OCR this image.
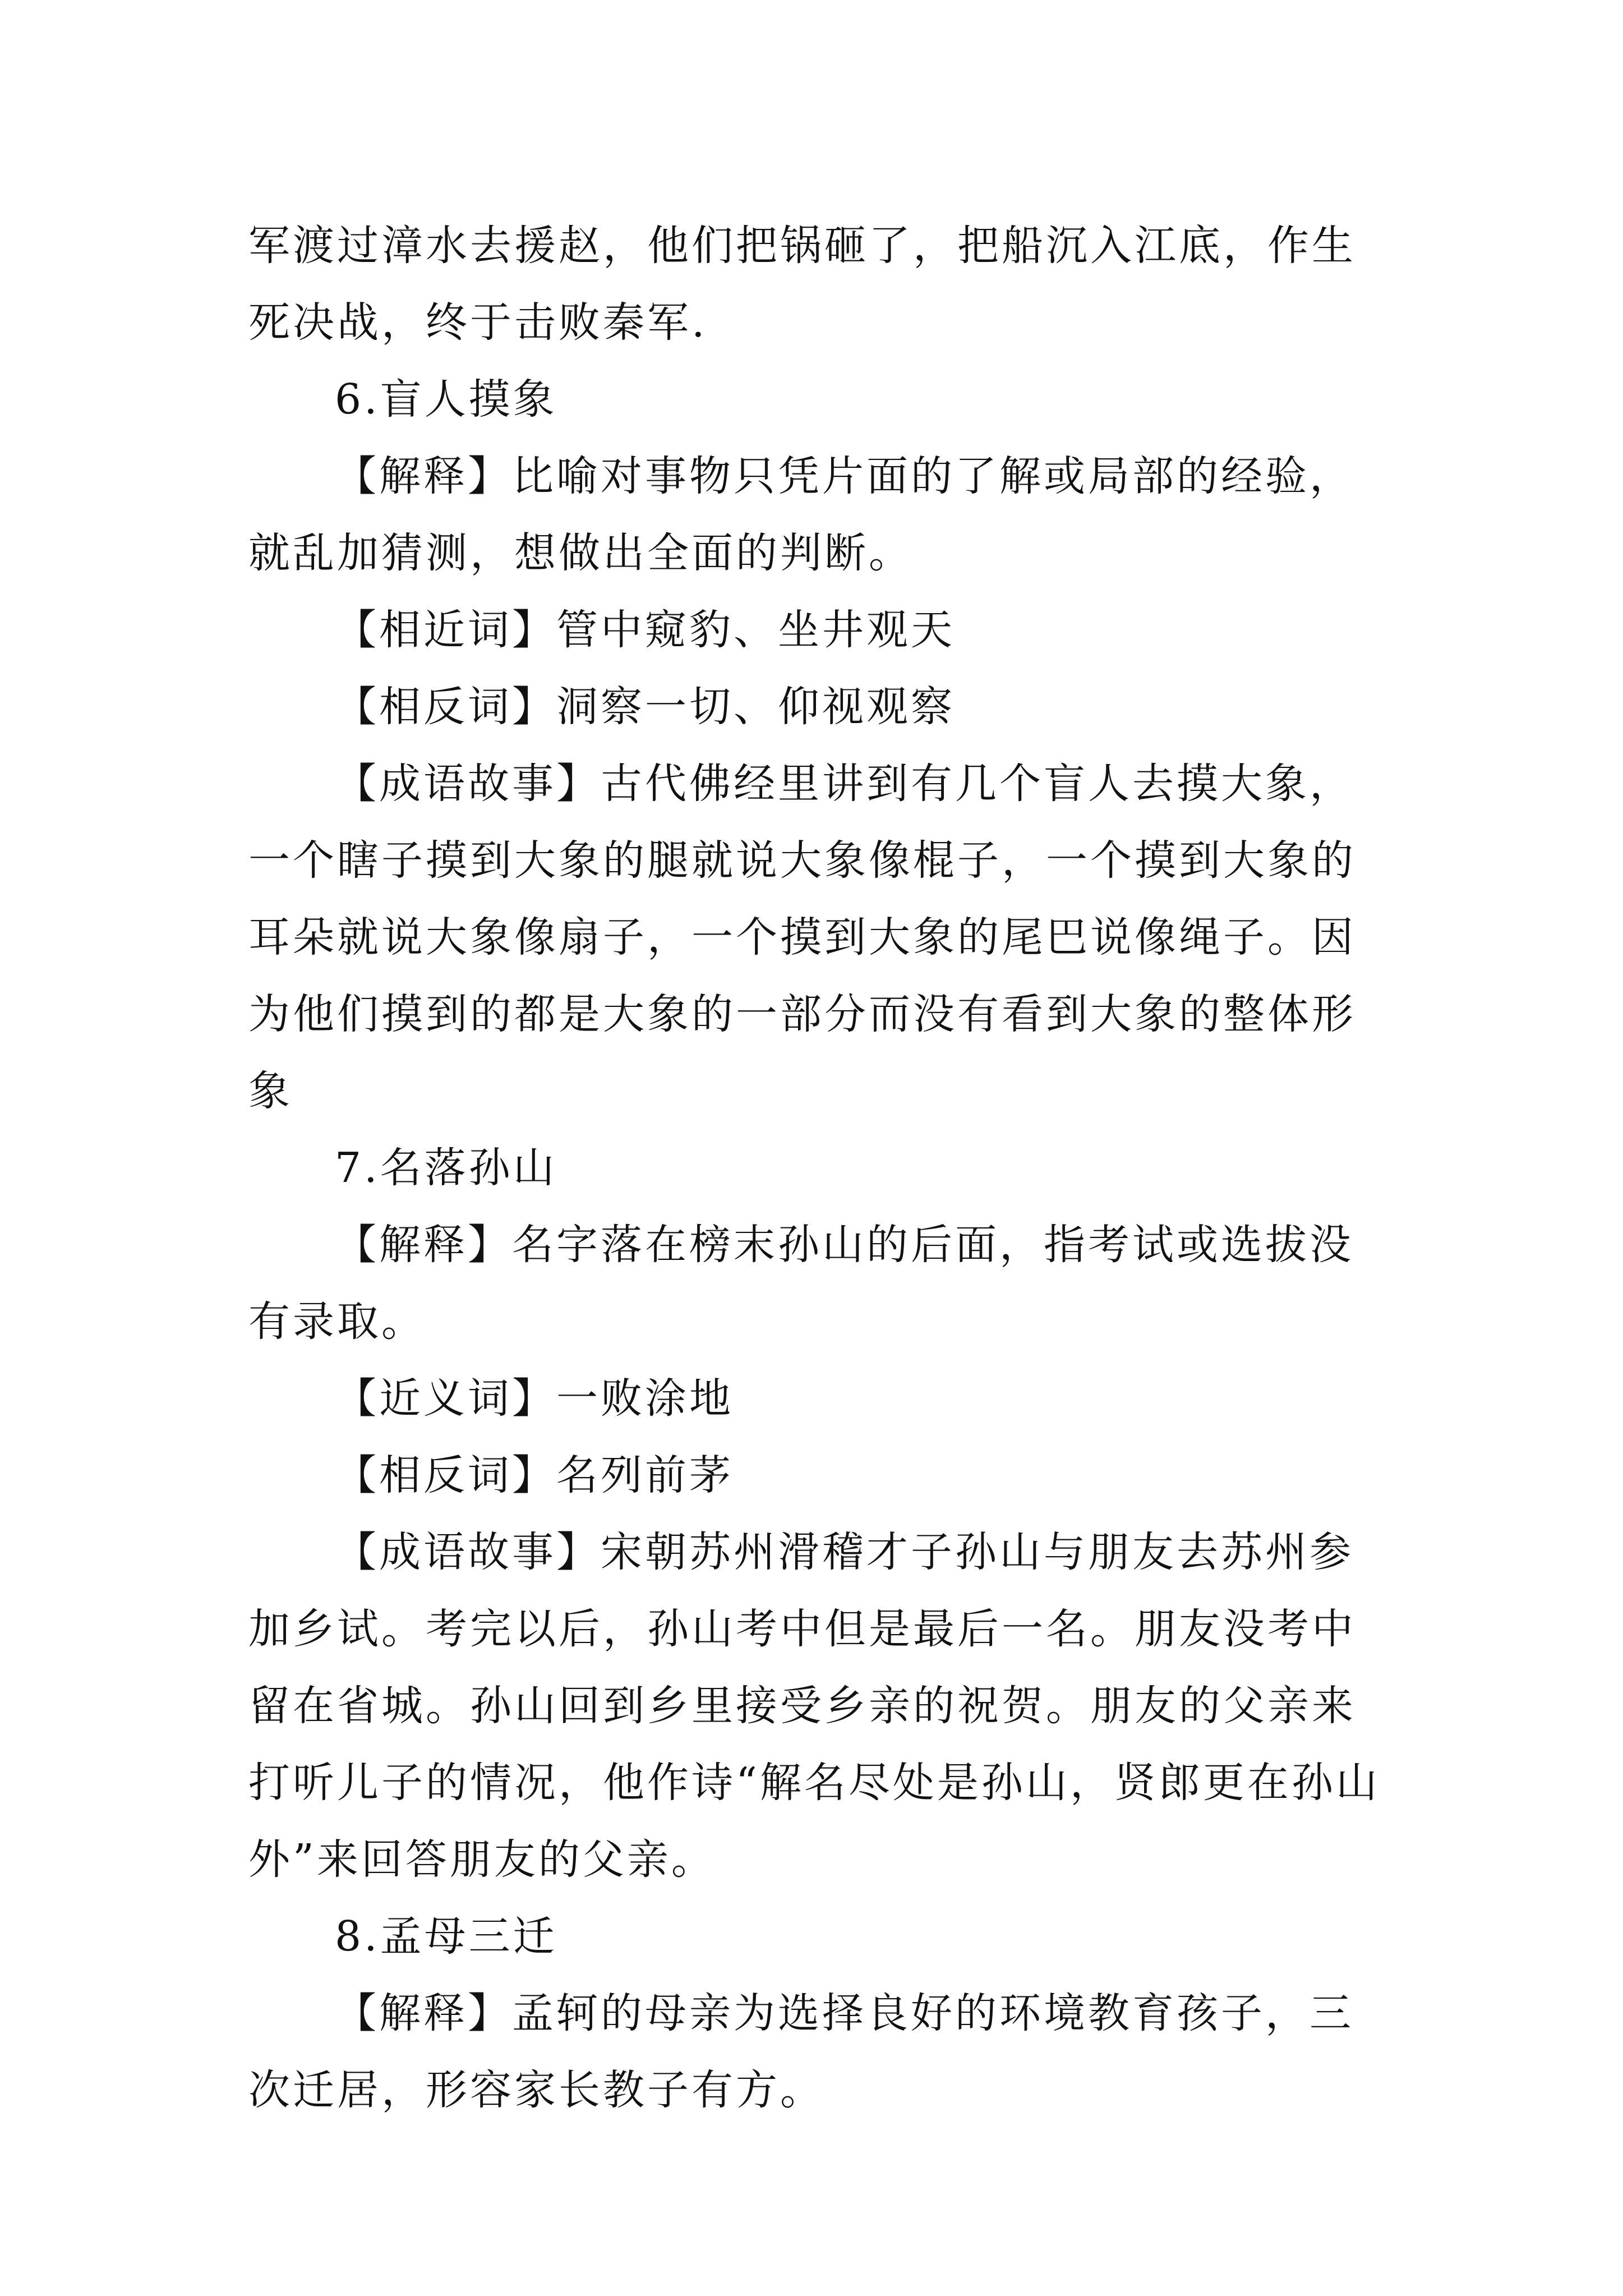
军渡过漳水去援赵，他们把锅砸了，把船沉入江底，作生死决战，终于击败秦军.

6.盲人摸象

【解释】比喻对事物只凭片面的了解或局部的经验，就乱加猜测，想做出全面的判断。

【相近词】管中窥豹、坐井观天

【相反词】洞察一切、仰视观察

【成语故事】古代佛经里讲到有几个盲人去摸大象，一个瞎子摸到大象的腿就说大象像棍子，一个摸到大象的耳朵就说大象像扇子，一个摸到大象的尾巴说像绳子。因为他们摸到的都是大象的一部分而没有看到大象的整体形象

7.名落孙山

【解释】名字落在榜末孙山的后面，指考试或选拔没有录取。

【近义词】一败涂地

【相反词】名列前茅

【成语故事】宋朝苏州滑稽才子孙山与朋友去苏州参加乡试。考完以后，孙山考中但是最后一名。朋友没考中留在省城。孙山回到乡里接受乡亲的祝贺。朋友的父亲来打听儿子的情况，他作诗“解名尽处是孙山，贤郎更在孙山外”来回答朋友的父亲。

8.孟母三迁

【解释】孟轲的母亲为选择良好的环境教育孩子，三次迁居，形容家长教子有方。
